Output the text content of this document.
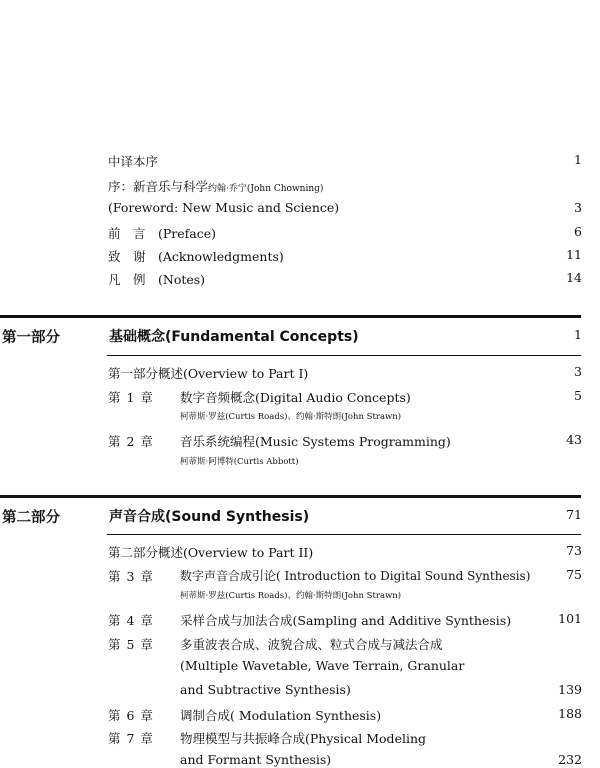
中译本序	1
序：新音乐与科学约翰·乔宁(John Chowning)
(Foreword: New Music and Science)	3
前　言　(Preface)	6
致　谢　(Acknowledgments)	11
凡　例　(Notes)	14
第一部分	基础概念(Fundamental Concepts)	1
第一部分概述(Overview to Part I)	3
第 1 章 数字音频概念(Digital Audio Concepts)	5
柯蒂斯·罗兹(Curtis Roads)、约翰·斯特朗(John Strawn)
第 2 章 音乐系统编程(Music Systems Programming)	43
柯蒂斯·阿博特(Curtis Abbott)
第二部分	声音合成(Sound Synthesis)	71
第二部分概述(Overview to Part II)	73
第 3 章 数字声音合成引论( Introduction to Digital Sound Synthesis)	75
柯蒂斯·罗兹(Curtis Roads)、约翰·斯特朗(John Strawn)
第 4 章 采样合成与加法合成(Sampling and Additive Synthesis)	101
第 5 章 多重波表合成、波貌合成、粒式合成与减法合成
(Multiple Wavetable, Wave Terrain, Granular
and Subtractive Synthesis)	139
第 6 章 调制合成( Modulation Synthesis)	188
第 7 章 物理模型与共振峰合成(Physical Modeling
and Formant Synthesis)	232
